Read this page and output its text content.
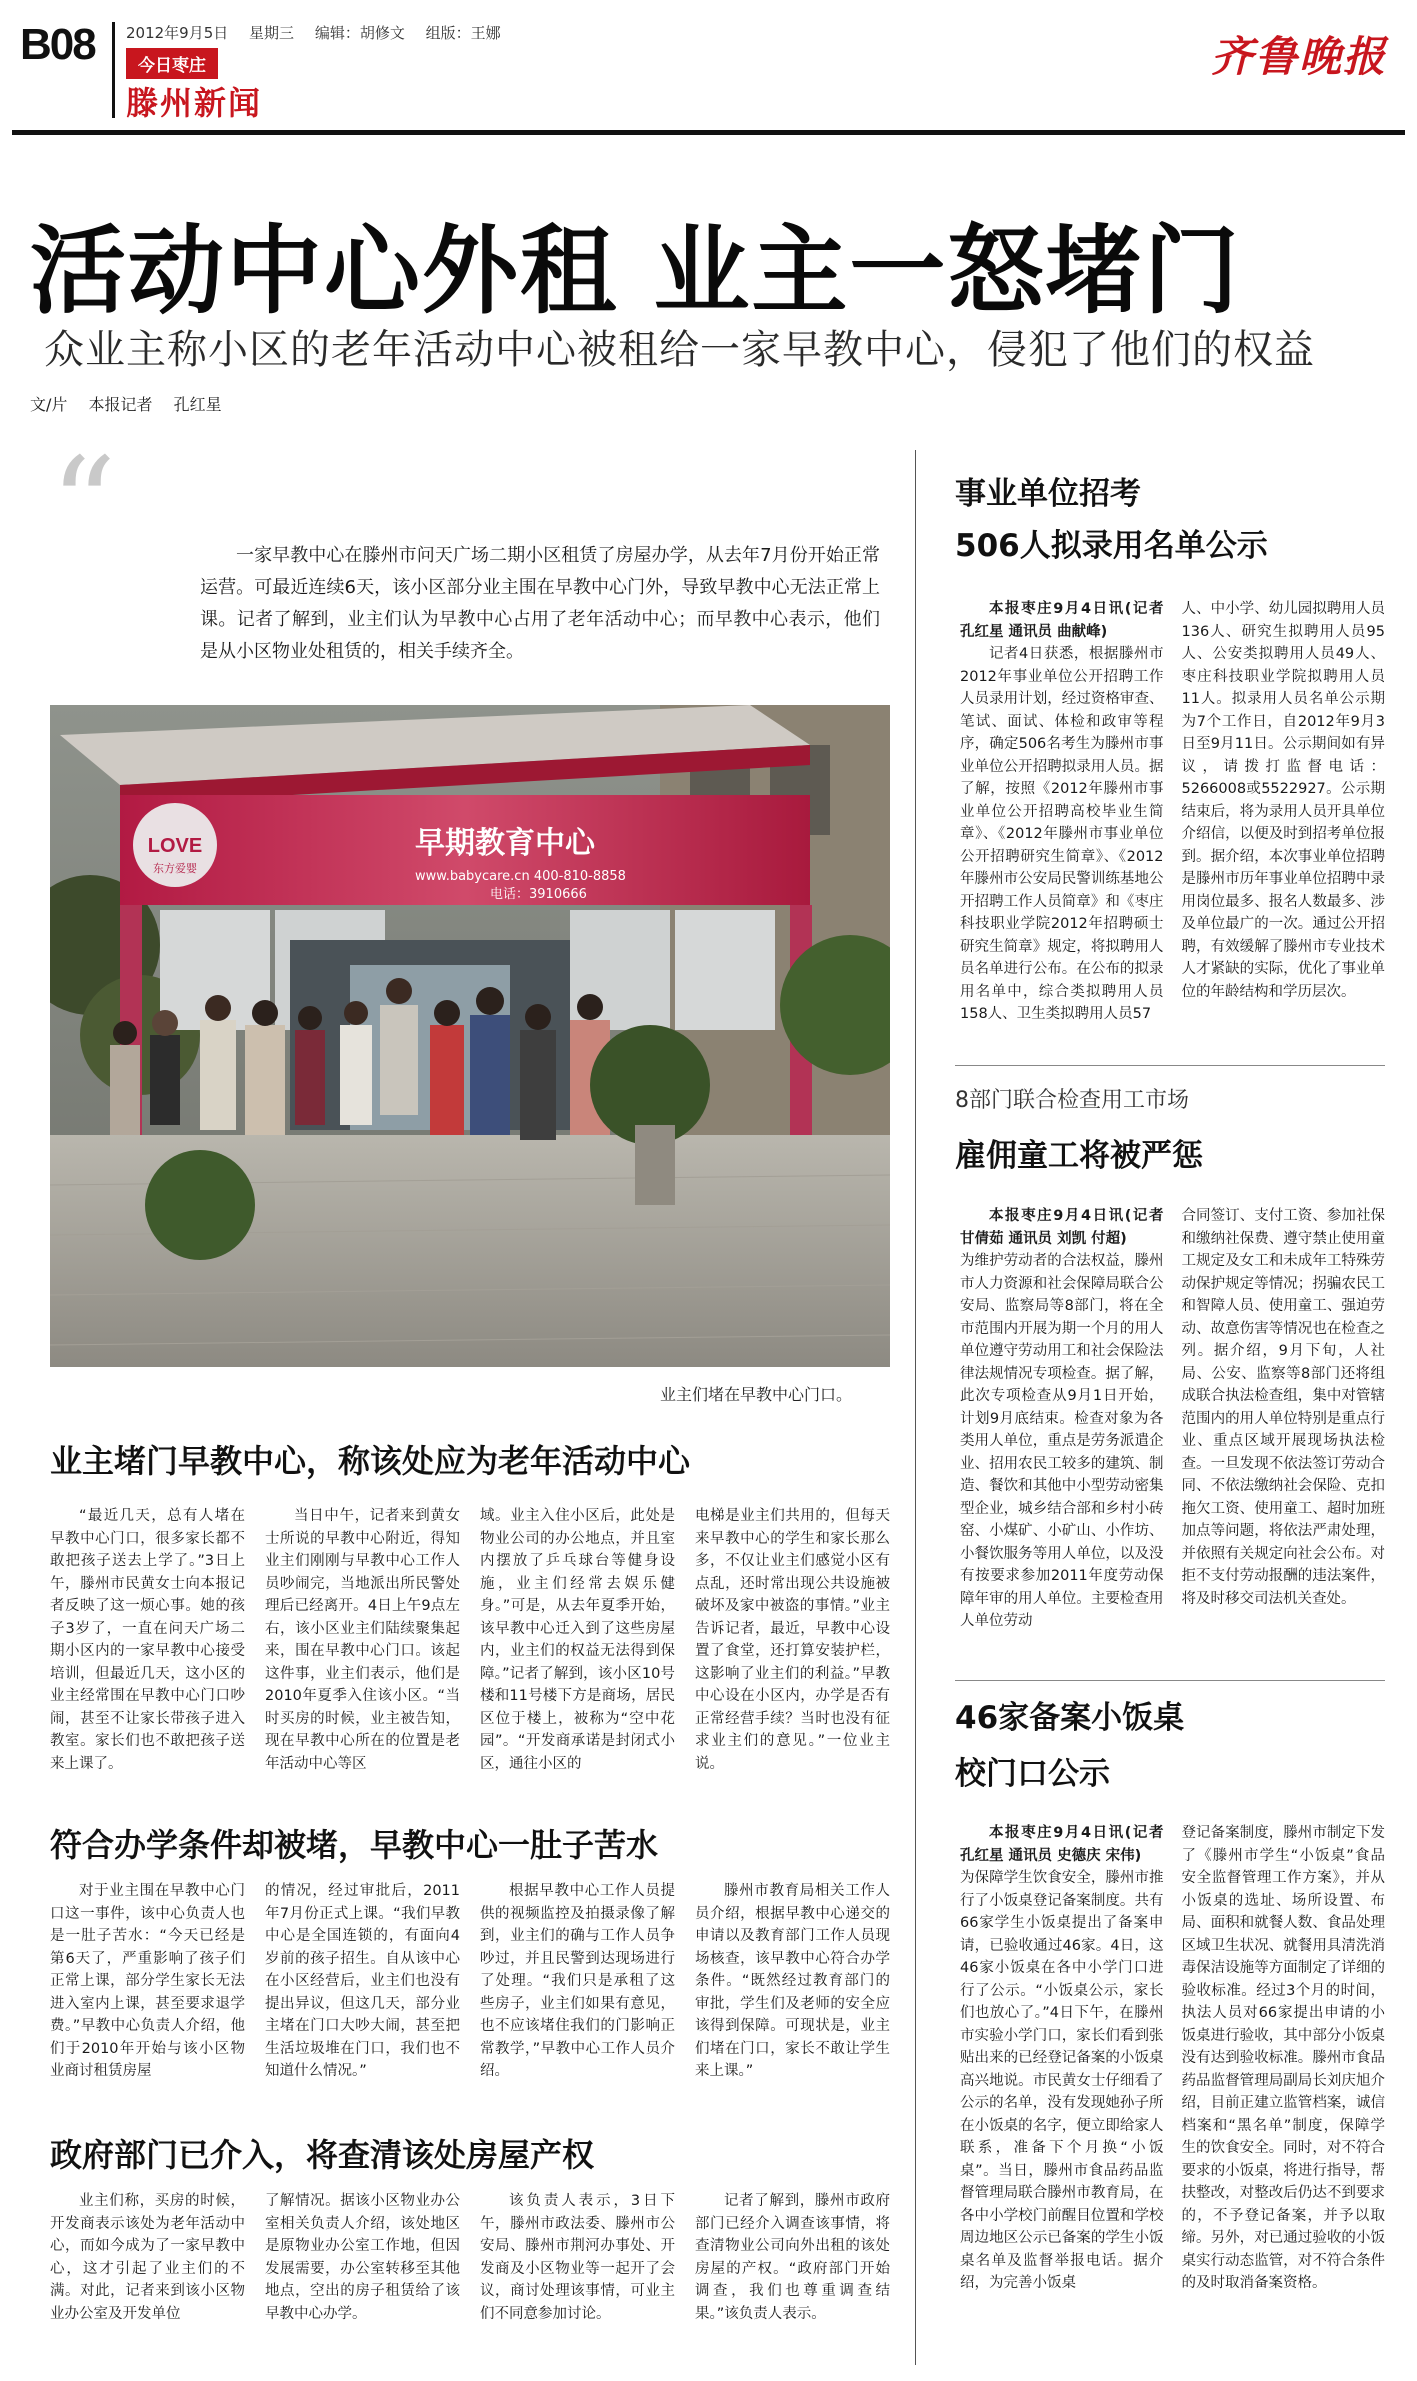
B08 2012年9月5日 星期三 编辑：胡修文 组版：王娜
今日枣庄
滕州新闻
齐鲁晚报
活动中心外租 业主一怒堵门
众业主称小区的老年活动中心被租给一家早教中心，侵犯了他们的权益
文/片 本报记者 孔红星
“	一家早教中心在滕州市问天广场二期小区租赁了房屋办学，从去年7月份开始正常运营。可最近连续6天，该小区部分业主围在早教中心门外，导致早教中心无法正常上课。记者了解到，业主们认为早教中心占用了老年活动中心；而早教中心表示，他们是从小区物业处租赁的，相关手续齐全。
LOVE
东方爱婴
早期教育中心
www.babycare.cn 400-810-8858
电话：3910666
业主们堵在早教中心门口。
业主堵门早教中心，称该处应为老年活动中心

“最近几天，总有人堵在早教中心门口，很多家长都不敢把孩子送去上学了。”3日上午，滕州市民黄女士向本报记者反映了这一烦心事。她的孩子3岁了，一直在问天广场二期小区内的一家早教中心接受培训，但最近几天，这小区的业主经常围在早教中心门口吵闹，甚至不让家长带孩子进入教室。家长们也不敢把孩子送来上课了。

当日中午，记者来到黄女士所说的早教中心附近，得知业主们刚刚与早教中心工作人员吵闹完，当地派出所民警处理后已经离开。4日上午9点左右，该小区业主们陆续聚集起来，围在早教中心门口。该起这件事，业主们表示，他们是2010年夏季入住该小区。“当时买房的时候，业主被告知，现在早教中心所在的位置是老年活动中心等区

域。业主入住小区后，此处是物业公司的办公地点，并且室内摆放了乒乓球台等健身设施，业主们经常去娱乐健身。”可是，从去年夏季开始，该早教中心迁入到了这些房屋内，业主们的权益无法得到保障。”记者了解到，该小区10号楼和11号楼下方是商场，居民区位于楼上，被称为“空中花园”。“开发商承诺是封闭式小区，通往小区的

电梯是业主们共用的，但每天来早教中心的学生和家长那么多，不仅让业主们感觉小区有点乱，还时常出现公共设施被破坏及家中被盗的事情。”业主告诉记者，最近，早教中心设置了食堂，还打算安装护栏，这影响了业主们的利益。”早教中心设在小区内，办学是否有正常经营手续？当时也没有征求业主们的意见。”一位业主说。

符合办学条件却被堵，早教中心一肚子苦水

对于业主围在早教中心门口这一事件，该中心负责人也是一肚子苦水：“今天已经是第6天了，严重影响了孩子们正常上课，部分学生家长无法进入室内上课，甚至要求退学费。”早教中心负责人介绍，他们于2010年开始与该小区物业商讨租赁房屋

的情况，经过审批后，2011年7月份正式上课。“我们早教中心是全国连锁的，有面向4岁前的孩子招生。自从该中心在小区经营后，业主们也没有提出异议，但这几天，部分业主堵在门口大吵大闹，甚至把生活垃圾堆在门口，我们也不知道什么情况。”

根据早教中心工作人员提供的视频监控及拍摄录像了解到，业主们的确与工作人员争吵过，并且民警到达现场进行了处理。“我们只是承租了这些房子，业主们如果有意见，也不应该堵住我们的门影响正常教学，”早教中心工作人员介绍。

滕州市教育局相关工作人员介绍，根据早教中心递交的申请以及教育部门工作人员现场核查，该早教中心符合办学条件。“既然经过教育部门的审批，学生们及老师的安全应该得到保障。可现状是，业主们堵在门口，家长不敢让学生来上课。”

政府部门已介入，将查清该处房屋产权

业主们称，买房的时候，开发商表示该处为老年活动中心，而如今成为了一家早教中心，这才引起了业主们的不满。对此，记者来到该小区物业办公室及开发单位

了解情况。据该小区物业办公室相关负责人介绍，该处地区是原物业办公室工作地，但因发展需要，办公室转移至其他地点，空出的房子租赁给了该早教中心办学。

该负责人表示，3日下午，滕州市政法委、滕州市公安局、滕州市荆河办事处、开发商及小区物业等一起开了会议，商讨处理该事情，可业主们不同意参加讨论。

记者了解到，滕州市政府部门已经介入调查该事情，将查清物业公司向外出租的该处房屋的产权。“政府部门开始调查，我们也尊重调查结果。”该负责人表示。

事业单位招考
506人拟录用名单公示

本报枣庄9月4日讯(记者 孔红星 通讯员 曲献峰)

记者4日获悉，根据滕州市2012年事业单位公开招聘工作人员录用计划，经过资格审查、笔试、面试、体检和政审等程序，确定506名考生为滕州市事业单位公开招聘拟录用人员。据了解，按照《2012年滕州市事业单位公开招聘高校毕业生简章》、《2012年滕州市事业单位公开招聘研究生简章》、《2012年滕州市公安局民警训练基地公开招聘工作人员简章》和《枣庄科技职业学院2012年招聘硕士研究生简章》规定，将拟聘用人员名单进行公布。在公布的拟录用名单中，综合类拟聘用人员158人、卫生类拟聘用人员57

人、中小学、幼儿园拟聘用人员136人、研究生拟聘用人员95人、公安类拟聘用人员49人、枣庄科技职业学院拟聘用人员11人。拟录用人员名单公示期为7个工作日，自2012年9月3日至9月11日。公示期间如有异议，请拨打监督电话：5266008或5522927。公示期结束后，将为录用人员开具单位介绍信，以便及时到招考单位报到。据介绍，本次事业单位招聘是滕州市历年事业单位招聘中录用岗位最多、报名人数最多、涉及单位最广的一次。通过公开招聘，有效缓解了滕州市专业技术人才紧缺的实际，优化了事业单位的年龄结构和学历层次。

8部门联合检查用工市场
雇佣童工将被严惩

本报枣庄9月4日讯(记者 甘倩茹 通讯员 刘凯 付超)

为维护劳动者的合法权益，滕州市人力资源和社会保障局联合公安局、监察局等8部门，将在全市范围内开展为期一个月的用人单位遵守劳动用工和社会保险法律法规情况专项检查。据了解，此次专项检查从9月1日开始，计划9月底结束。检查对象为各类用人单位，重点是劳务派遣企业、招用农民工较多的建筑、制造、餐饮和其他中小型劳动密集型企业，城乡结合部和乡村小砖窑、小煤矿、小矿山、小作坊、小餐饮服务等用人单位，以及没有按要求参加2011年度劳动保障年审的用人单位。主要检查用人单位劳动

合同签订、支付工资、参加社保和缴纳社保费、遵守禁止使用童工规定及女工和未成年工特殊劳动保护规定等情况；拐骗农民工和智障人员、使用童工、强迫劳动、故意伤害等情况也在检查之列。据介绍，9月下旬，人社局、公安、监察等8部门还将组成联合执法检查组，集中对管辖范围内的用人单位特别是重点行业、重点区域开展现场执法检查。一旦发现不依法签订劳动合同、不依法缴纳社会保险、克扣拖欠工资、使用童工、超时加班加点等问题，将依法严肃处理，并依照有关规定向社会公布。对拒不支付劳动报酬的违法案件，将及时移交司法机关查处。

46家备案小饭桌
校门口公示

本报枣庄9月4日讯(记者 孔红星 通讯员 史德庆 宋伟)

为保障学生饮食安全，滕州市推行了小饭桌登记备案制度。共有66家学生小饭桌提出了备案申请，已验收通过46家。4日，这46家小饭桌在各中小学门口进行了公示。“小饭桌公示，家长们也放心了。”4日下午，在滕州市实验小学门口，家长们看到张贴出来的已经登记备案的小饭桌高兴地说。市民黄女士仔细看了公示的名单，没有发现她孙子所在小饭桌的名字，便立即给家人联系，准备下个月换“小饭桌”。当日，滕州市食品药品监督管理局联合滕州市教育局，在各中小学校门前醒目位置和学校周边地区公示已备案的学生小饭桌名单及监督举报电话。据介绍，为完善小饭桌

登记备案制度，滕州市制定下发了《滕州市学生“小饭桌”食品安全监督管理工作方案》，并从小饭桌的选址、场所设置、布局、面积和就餐人数、食品处理区域卫生状况、就餐用具清洗消毒保洁设施等方面制定了详细的验收标准。经过3个月的时间，执法人员对66家提出申请的小饭桌进行验收，其中部分小饭桌没有达到验收标准。滕州市食品药品监督管理局副局长刘庆旭介绍，目前正建立监管档案，诚信档案和“黑名单”制度，保障学生的饮食安全。同时，对不符合要求的小饭桌，将进行指导，帮扶整改，对整改后仍达不到要求的，不予登记备案，并予以取缔。另外，对已通过验收的小饭桌实行动态监管，对不符合条件的及时取消备案资格。
